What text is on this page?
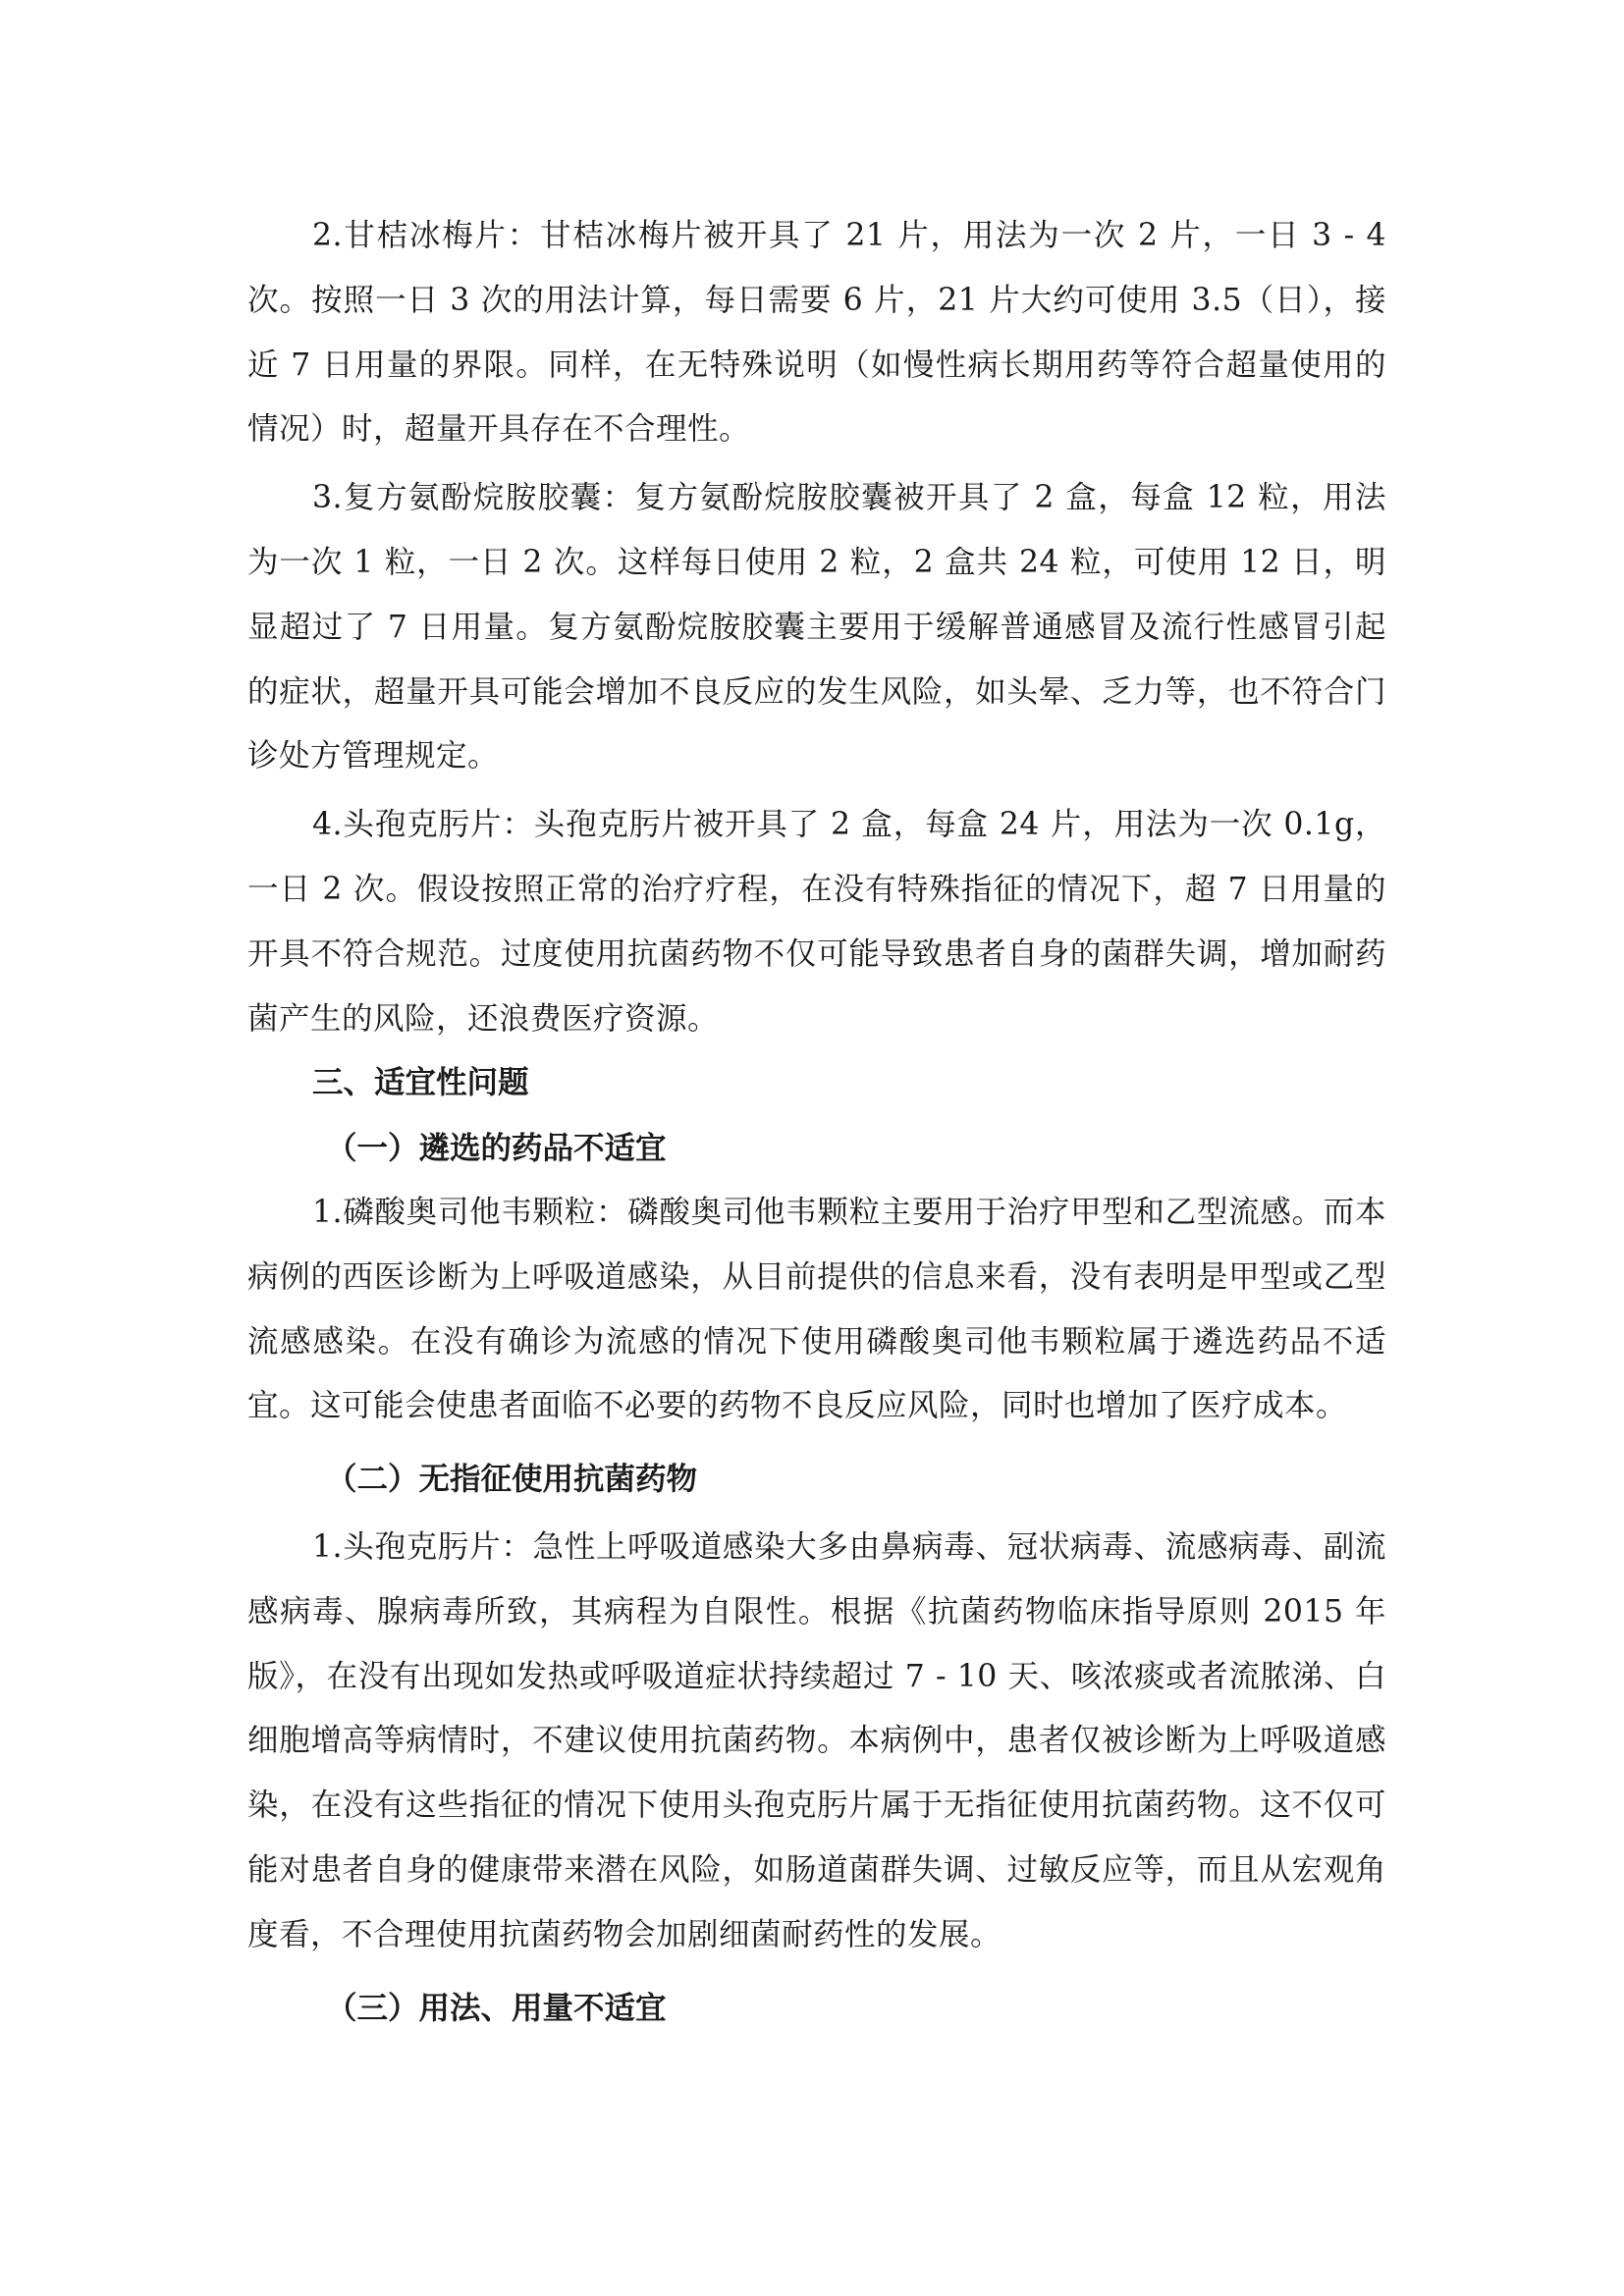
2.甘桔冰梅片：甘桔冰梅片被开具了 21 片，用法为一次 2 片，一日 3 - 4 次。按照一日 3 次的用法计算，每日需要 6 片，21 片大约可使用 3.5（日），接近 7 日用量的界限。同样，在无特殊说明（如慢性病长期用药等符合超量使用的情况）时，超量开具存在不合理性。

3.复方氨酚烷胺胶囊：复方氨酚烷胺胶囊被开具了 2 盒，每盒 12 粒，用法为一次 1 粒，一日 2 次。这样每日使用 2 粒，2 盒共 24 粒，可使用 12 日，明显超过了 7 日用量。复方氨酚烷胺胶囊主要用于缓解普通感冒及流行性感冒引起的症状，超量开具可能会增加不良反应的发生风险，如头晕、乏力等，也不符合门诊处方管理规定。

4.头孢克肟片：头孢克肟片被开具了 2 盒，每盒 24 片，用法为一次 0.1g，一日 2 次。假设按照正常的治疗疗程，在没有特殊指征的情况下，超 7 日用量的开具不符合规范。过度使用抗菌药物不仅可能导致患者自身的菌群失调，增加耐药菌产生的风险，还浪费医疗资源。

三、适宜性问题
（一）遴选的药品不适宜

1.磷酸奥司他韦颗粒：磷酸奥司他韦颗粒主要用于治疗甲型和乙型流感。而本病例的西医诊断为上呼吸道感染，从目前提供的信息来看，没有表明是甲型或乙型流感感染。在没有确诊为流感的情况下使用磷酸奥司他韦颗粒属于遴选药品不适宜。这可能会使患者面临不必要的药物不良反应风险，同时也增加了医疗成本。

（二）无指征使用抗菌药物

1.头孢克肟片：急性上呼吸道感染大多由鼻病毒、冠状病毒、流感病毒、副流感病毒、腺病毒所致，其病程为自限性。根据《抗菌药物临床指导原则 2015 年版》，在没有出现如发热或呼吸道症状持续超过 7 - 10 天、咳浓痰或者流脓涕、白细胞增高等病情时，不建议使用抗菌药物。本病例中，患者仅被诊断为上呼吸道感染，在没有这些指征的情况下使用头孢克肟片属于无指征使用抗菌药物。这不仅可能对患者自身的健康带来潜在风险，如肠道菌群失调、过敏反应等，而且从宏观角度看，不合理使用抗菌药物会加剧细菌耐药性的发展。

（三）用法、用量不适宜
